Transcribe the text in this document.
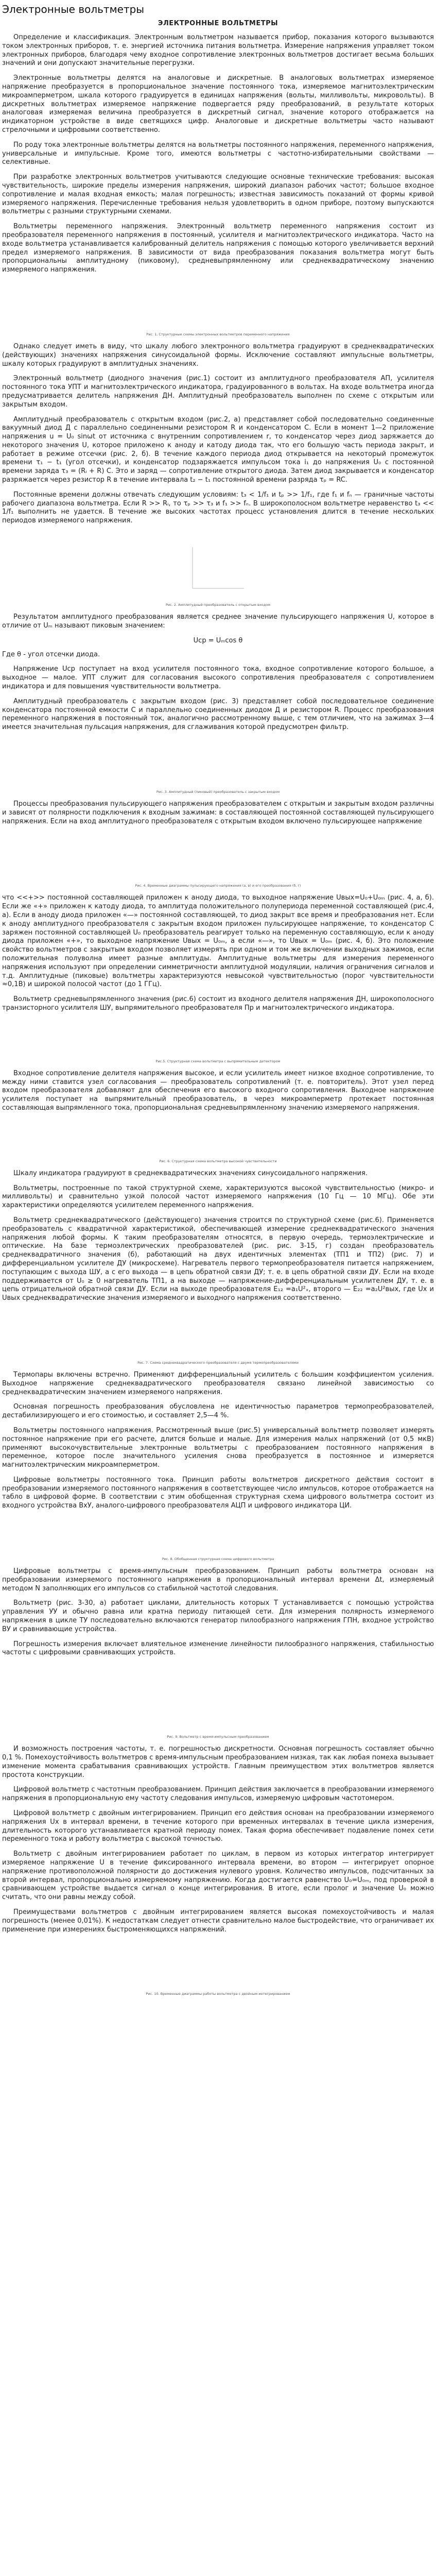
Электронные вольтметры
ЭЛЕКТРОННЫЕ ВОЛЬТМЕТРЫ

Определение и классификация. Электронным вольтметром называется прибор, показания которого вызываются током электронных приборов, т. е. энергией источника питания вольтметра. Измерение напряжения управляет током электронных приборов, благодаря чему входное сопротивление электронных вольтметров достигает весьма больших значений и они допускают значительные перегрузки.

Электронные вольтметры делятся на аналоговые и дискретные. В аналоговых вольтметрах измеряемое напряжение преобразуется в пропорциональное значение постоянного тока, измеряемое магнитоэлектрическим микроамперметром, шкала которого градуируется в единицах напряжения (вольты, милливольты, микровольты). В дискретных вольтметрах измеряемое напряжение подвергается ряду преобразований, в результате которых аналоговая измеряемая величина преобразуется в дискретный сигнал, значение которого отображается на индикаторном устройстве в виде светящихся цифр. Аналоговые и дискретные вольтметры часто называют стрелочными и цифровыми соответственно.

По роду тока электронные вольтметры делятся на вольтметры постоянного напряжения, переменного напряжения, универсальные и импульсные. Кроме того, имеются вольтметры с частотно-избирательными свойствами — селективные.

При разработке электронных вольтметров учитываются следующие основные технические требования: высокая чувствительность, широкие пределы измерения напряжения, широкий диапазон рабочих частот; большое входное сопротивление и малая входная емкость; малая погрешность; известная зависимость показаний от формы кривой измеряемого напряжения. Перечисленные требования нельзя удовлетворить в одном приборе, поэтому выпускаются вольтметры с разными структурными схемами.

Вольтметры переменного напряжения. Электронный вольтметр переменного напряжения состоит из преобразователя переменного напряжения в постоянный, усилителя и магнитоэлектрического индикатора. Часто на входе вольтметра устанавливается калиброванный делитель напряжения с помощью которого увеличивается верхний предел измеряемого напряжения. В зависимости от вида преобразования показания вольтметра могут быть пропорциональны амплитудному (пиковому), средневыпрямленному или среднеквадратическому значению измеряемого напряжения.

Рис. 1. Структурные схемы электронных вольтметров переменного напряжения

Однако следует иметь в виду, что шкалу любого электронного вольтметра градуируют в среднеквадратических (действующих) значениях напряжения синусоидальной формы. Исключение составляют импульсные вольтметры, шкалу которых градуируют в амплитудных значениях.

Электронный вольтметр (диодного значения (рис.1) состоит из амплитудного преобразователя АП, усилителя постоянного тока УПТ и магнитоэлектрического индикатора, градуированного в вольтах. На входе вольтметра иногда предусматривается делитель напряжения ДН. Амплитудный преобразователь выполнен по схеме с открытым или закрытым входом.

Амплитудный преобразователь с открытым входом (рис.2, а) представляет собой последовательно соединенные вакуумный диод Д с параллельно соединенными резистором R и конденсатором С. Если в момент 1—2 приложение напряжения u = U₀ sinωt от источника с внутренним сопротивлением r, то конденсатор через диод заряжается до некоторого значения U, которое приложено к аноду и катоду диода так, что его большую часть периода закрыт, и работает в режиме отсечки (рис. 2, б). В течение каждого периода диод открывается на некоторый промежуток времени τ₁ − t₁ (угол отсечки), и конденсатор подзаряжается импульсом тока i₁ до напряжения U₀ с постоянной времени заряда τ₃ = (Rᵢ + R) C. Это и заряд — сопротивление открытого диода. Затем диод закрывается и конденсатор разряжается через резистор R в течение интервала t₂ − t₁ постоянной времени разряда τₚ = RC.

Постоянные времени должны отвечать следующим условиям: t₃ < 1/f₁ и tₚ >> 1/f₁, где f₁ и fₙ — граничные частоты рабочего диапазона вольтметра. Если R >> Rᵢ, то τₚ >> τ₃ и f₁ >> fₙ. В широкополосном вольтметре неравенство t₃ << 1/f₁ выполнить не удается. В течение же высоких частотах процесс установления длится в течение нескольких периодов измеряемого напряжения.

Рис. 2. Амплитудный преобразователь с открытым входом

Результатом амплитудного преобразования является среднее значение пульсирующего напряжения U, которое в отличие от Uₘ называют пиковым значением:

Uср = Uₘcos θ

Где θ - угол отсечки диода.

Напряжение Uср поступает на вход усилителя постоянного тока, входное сопротивление которого большое, а выходное — малое. УПТ служит для согласования высокого сопротивления преобразователя с сопротивлением индикатора и для повышения чувствительности вольтметра.

Амплитудный преобразователь с закрытым входом (рис. 3) представляет собой последовательное соединение конденсатора постоянной емкости С и параллельно соединенных диодом Д и резистором R. Процесс преобразования переменного напряжения в постоянный ток, аналогично рассмотренному выше, с тем отличием, что на зажимах 3—4 имеется значительная пульсация напряжения, для сглаживания которой предусмотрен фильтр.

Рис. 3. Амплитудный (пиковый) преобразователь с закрытым входом

Процессы преобразования пульсирующего напряжения преобразователем с открытым и закрытым входом различны и зависят от полярности подключения к входным зажимам: в составляющей постоянной составляющей пульсирующего напряжения. Если на вход амплитудного преобразователя с открытым входом включено пульсирующее напряжение

Рис. 4. Временные диаграммы пульсирующего напряжения (а, в) и его преобразования (б, г)

что <<+>> постоянной составляющей приложен к аноду диода, то выходное напряжение Uвых=U₀+U₀ₘ (рис. 4, а, б). Если же «+» приложен к катоду диода, то амплитуда положительного полупериода переменной составляющей (рис.4, а). Если в аноду диода приложен «—» постоянной составляющей, то диод закрыт все время и преобразования нет. Если к аноду амплитудного преобразователя с закрытым входом приложен пульсирующее напряжение, то конденсатор С заряжен постоянной составляющей U₀ преобразователь реагирует только на переменную составляющую, если к аноду диода приложен «+», то выходное напряжение Uвых = U₀ₘ, а если «—», то Uвых = U₀ₘ (рис. 4, б). Это положение свойство вольтметров с закрытым входом позволяет измерять при одном и том же включении выходных зажимов, если положительная полуволна имеет разные амплитуды. Амплитудные вольтметры для измерения переменного напряжения используют при определении симметричности амплитудной модуляции, наличия ограничения сигналов и т.д. Амплитудные (пиковые) вольтметры характеризуются невысокой чувствительностью (порог чувствительности ≈0,1В) и широкой полосой частот (до 1 ГГц).

Вольтметр средневыпрямленного значения (рис.6) состоит из входного делителя напряжения ДН, широкополосного транзисторного усилителя ШУ, выпрямительного преобразователя Пр и магнитоэлектрического индикатора.

Рис.5. Структурная схема вольтметра с выпрямительным детектором

Входное сопротивление делителя напряжения высокое, и если усилитель имеет низкое входное сопротивление, то между ними ставится узел согласования — преобразователь сопротивлений (т. е. повторитель). Этот узел перед входом преобразователя добавляют для обеспечения его высокого входного сопротивления. Выходное напряжение усилителя поступает на выпрямительный преобразователь, в через микроамперметр протекает постоянная составляющая выпрямленного тока, пропорциональная средневыпрямленному значению измеряемого напряжения.

Рис. 6. Структурная схема вольтметра высокой чувствительности

Шкалу индикатора градуируют в среднеквадратических значениях синусоидального напряжения.

Вольтметры, построенные по такой структурной схеме, характеризуются высокой чувствительностью (микро- и милливольты) и сравнительно узкой полосой частот измеряемого напряжения (10 Гц — 10 МГц). Обе эти характеристики определяются усилителем переменного напряжения.

Вольтметр среднеквадратического (действующего) значения строится по структурной схеме (рис.6). Применяется преобразователь с квадратичной характеристикой, обеспечивающей измерение среднеквадратического значения напряжения любой формы. К таким преобразователям относятся, в первую очередь, термоэлектрические и оптические. На базе термоэлектрических преобразователей (рис. рис. 3-15, г) создан преобразователь среднеквадратичного значения (б), работающий на двух идентичных элементах (ТП1 и ТП2) (рис. 7) и дифференциальном усилителе ДУ (микросхеме). Нагреватель первого термопреобразователя питается напряжением, поступающим с выхода ШУ, а с его выхода — в цепь обратной связи ДУ; т. е. в цепь обратной связи ДУ. Если на входе поддерживается от U₀ ≥ 0 нагреватель ТП1, а на выходе — напряжение-дифференциальным усилителем ДУ, т. е. в цепь отрицательной обратной связи ДУ. Если на выходе преобразователя E₁₂ =a₁U²ₓ, второго — E₂₂ =a₂U²вых, где Ux и Uвых среднеквадратические значения измеряемого и выходного напряжения соответственно.

Рис. 7. Схема среднеквадратического преобразователя с двумя термопреобразователями

Термопары включены встречно. Применяют дифференциальный усилитель с большим коэффициентом усиления. Выходное напряжение среднеквадратического преобразователя связано линейной зависимостью со среднеквадратическим значением измеряемого напряжения.

Основная погрешность преобразования обусловлена не идентичностью параметров термопреобразователей, дестабилизирующего и его стоимостью, и составляет 2,5—4 %.

Вольтметры постоянного напряжения. Рассмотренный выше (рис.5) универсальный вольтметр позволяет измерять постоянное напряжение при его расчете, длится больше и малые. Для измерения малых напряжений (от 0,5 мкВ) применяют высокочувствительные электронные вольтметры с преобразованием постоянного напряжения в переменное, которое после значительного усиления снова преобразуется в постоянное и измеряется магнитоэлектрическим микроамперметром.

Цифровые вольтметры постоянного тока. Принцип работы вольтметров дискретного действия состоит в преобразовании измеряемого постоянного напряжения в соответствующее число импульсов, которое отображается на табло в цифровой форме. В соответствии с этим обобщенная структурная схема цифрового вольтметра состоит из входного устройства ВхУ, аналого-цифрового преобразователя АЦП и цифрового индикатора ЦИ.

Рис. 8. Обобщенная структурная схема цифрового вольтметра

Цифровые вольтметры с время-импульсным преобразованием. Принцип работы вольтметра основан на преобразовании измеряемого постоянного напряжения в пропорциональный интервал времени Δt, измеряемый методом N заполняющих его импульсов со стабильной частотой следования.

Вольтметр (рис. 3-30, а) работает циклами, длительность которых Т устанавливается с помощью устройства управления УУ и обычно равна или кратна периоду питающей сети. Для измерения полярность измеряемого напряжения в цикле ТУ последовательно включаются генератор пилообразного напряжения ГПН, входное устройство ВУ и сравнивающие устройства.

Погрешность измерения включает влиятельное изменение линейности пилообразного напряжения, стабильностью частоты с цифровыми сравнивающих устройств.

Рис. 9. Вольтметр с время-импульсным преобразованием

И возможность построения частоты, т. е. погрешностью дискретности. Основная погрешность составляет обычно 0,1 %. Помехоустойчивость вольтметров с время-импульсным преобразованием низкая, так как любая помеха вызывает изменение момента срабатывания сравнивающих устройств. Главным преимуществом этих вольтметров является простота конструкции.

Цифровой вольтметр с частотным преобразованием. Принцип действия заключается в преобразовании измеряемого напряжения в пропорциональную ему частоту следования импульсов, измеряемую цифровым частотомером.

Цифровой вольтметр с двойным интегрированием. Принцип его действия основан на преобразовании измеряемого напряжения Ux в интервал времени, в течение которого при временных интервалах в течение цикла измерения, длительность которого устанавливается кратной периоду помех. Такая форма обеспечивает подавление помех сети переменного тока и работу вольтметра с высокой точностью.

Вольтметр с двойным интегрированием работает по циклам, в первом из которых интегратор интегрирует измеряемое напряжение U в течение фиксированного интервала времени, во втором — интегрирует опорное напряжение противоположной полярности до достижения нулевого уровня. Количество импульсов, подсчитанных за второй интервал, пропорционально измеряемому напряжению. Когда достигается равенство U₀=U₀ₘ, под проверкой в сравнивающем устройстве выдается сигнал о конце интегрирования. В итоге, если пролог и значение U₀ можно считать, что они равны между собой.

Преимуществами вольтметров с двойным интегрированием является высокая помехоустойчивость и малая погрешность (менее 0,01%). К недостаткам следует отнести сравнительно малое быстродействие, что ограничивает их применение при измерениях быстроменяющихся напряжений.

Рис. 10. Временные диаграммы работы вольтметра с двойным интегрированием
